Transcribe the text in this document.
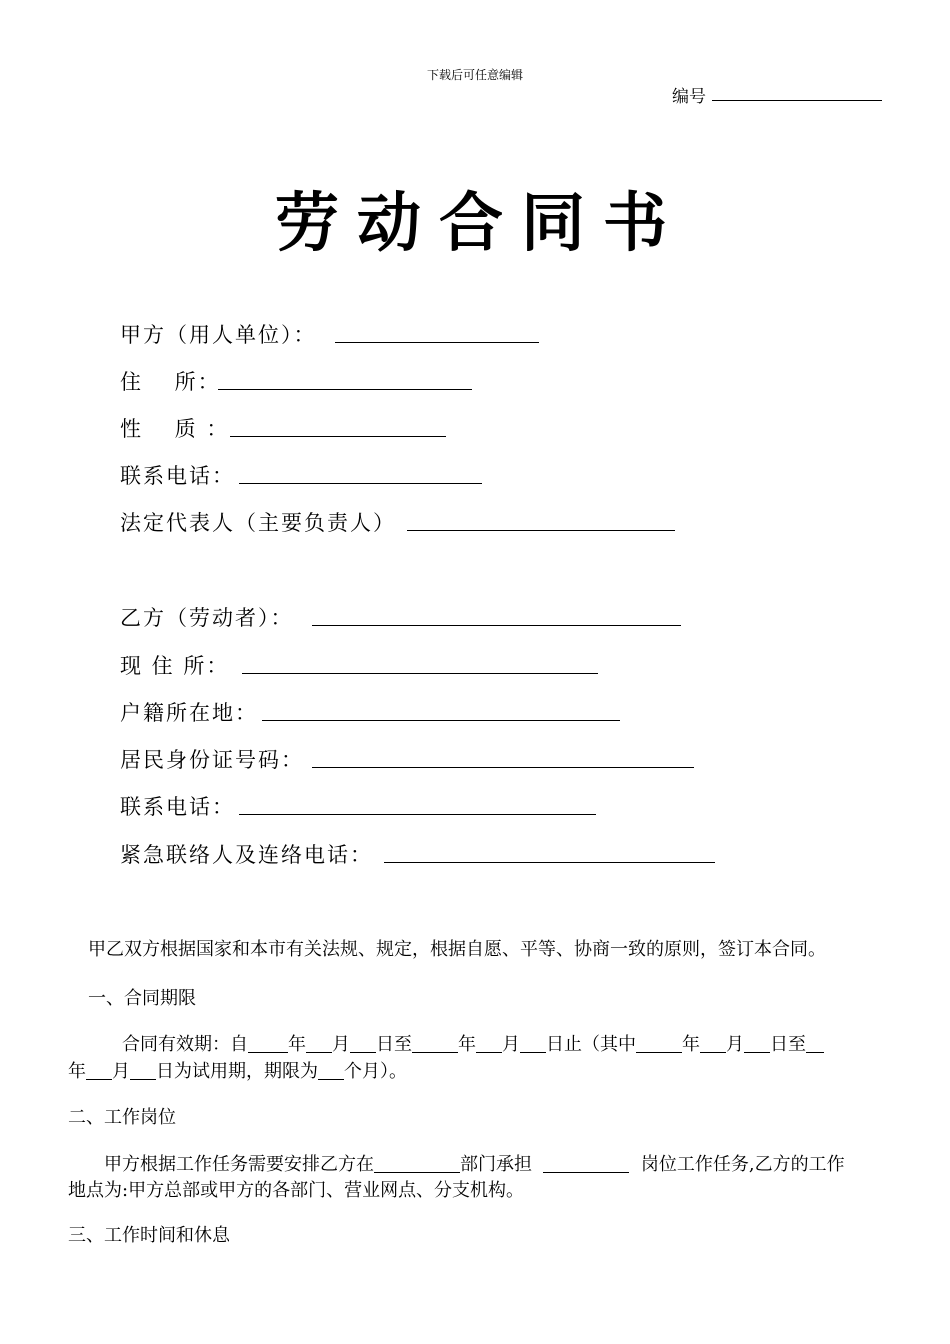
下载后可任意编辑
编号
劳动合同书
甲方（用人单位）：
住　 所：
性　 质 ：
联系电话：
法定代表人（主要负责人）
乙方（劳动者）：
现 住 所：
户籍所在地：
居民身份证号码：
联系电话：
紧急联络人及连络电话：
甲乙双方根据国家和本市有关法规、规定，根据自愿、平等、协商一致的原则，签订本合同。
一、合同期限
合同有效期：自 年 月 日至	年 月 日止（其中	年 月 日至
年 月 日为试用期，期限为 个月）。
二、工作岗位
甲方根据工作任务需要安排乙方在	部门承担	岗位工作任务,乙方的工作
地点为:甲方总部或甲方的各部门、营业网点、分支机构。
三、工作时间和休息
